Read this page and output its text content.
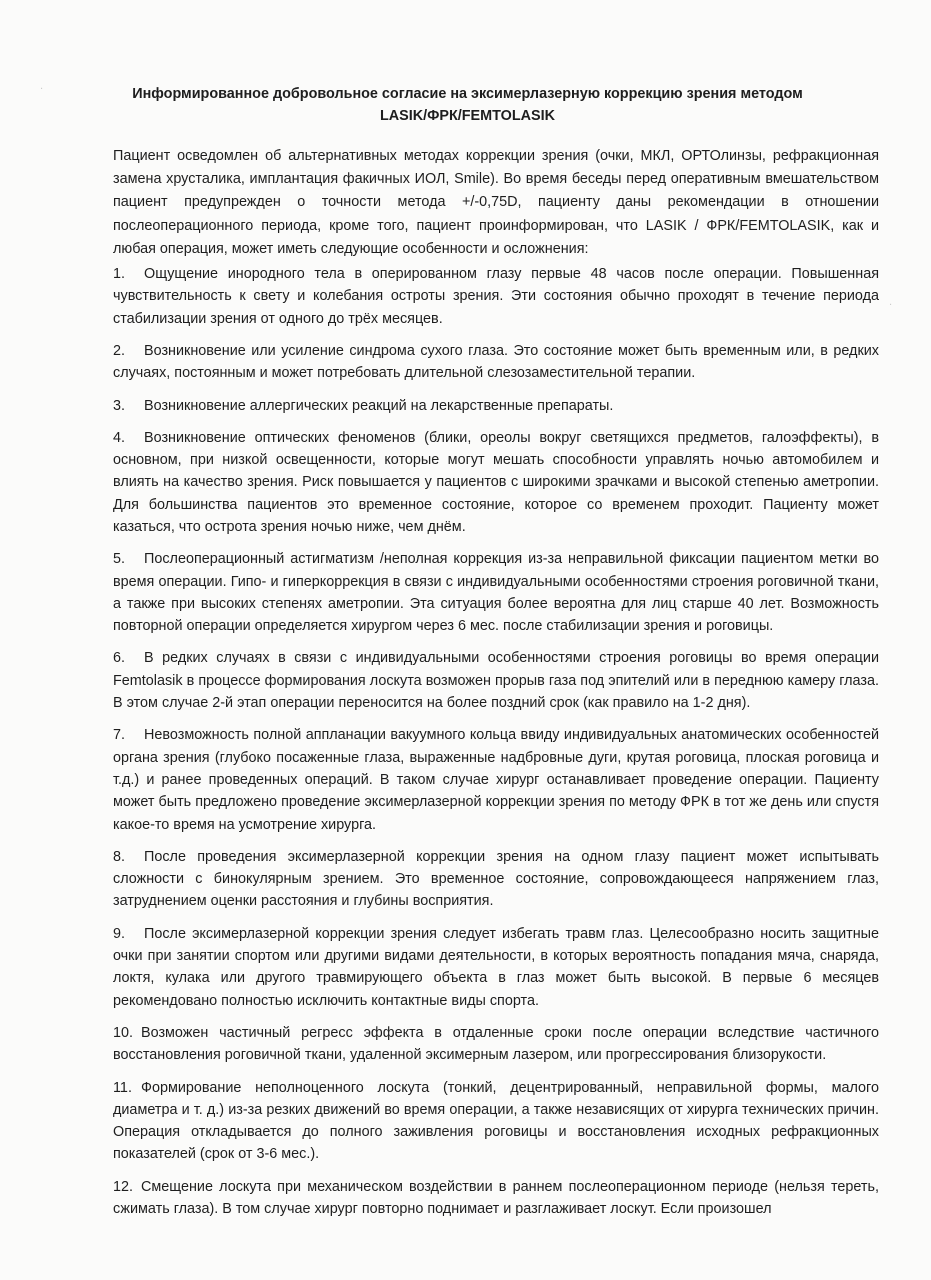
Информированное добровольное согласие на эксимерлазерную коррекцию зрения методом
LASIK/ФРК/FEMTOLASIK

Пациент осведомлен об альтернативных методах коррекции зрения (очки, МКЛ, ОРТОлинзы, рефракционная замена хрусталика, имплантация факичных ИОЛ, Smile). Во время беседы перед оперативным вмешательством пациент предупрежден о точности метода +/-0,75D, пациенту даны рекомендации в отношении послеоперационного периода, кроме того, пациент проинформирован, что LASIK / ФРК/FEMTOLASIK, как и любая операция, может иметь следующие особенности и осложнения:

1. Ощущение инородного тела в оперированном глазу первые 48 часов после операции. Повышенная чувствительность к свету и колебания остроты зрения. Эти состояния обычно проходят в течение периода стабилизации зрения от одного до трёх месяцев.

2. Возникновение или усиление синдрома сухого глаза. Это состояние может быть временным или, в редких случаях, постоянным и может потребовать длительной слезозаместительной терапии.

3. Возникновение аллергических реакций на лекарственные препараты.

4. Возникновение оптических феноменов (блики, ореолы вокруг светящихся предметов, галоэффекты), в основном, при низкой освещенности, которые могут мешать способности управлять ночью автомобилем и влиять на качество зрения. Риск повышается у пациентов с широкими зрачками и высокой степенью аметропии. Для большинства пациентов это временное состояние, которое со временем проходит. Пациенту может казаться, что острота зрения ночью ниже, чем днём.

5. Послеоперационный астигматизм /неполная коррекция из-за неправильной фиксации пациентом метки во время операции. Гипо- и гиперкоррекция в связи с индивидуальными особенностями строения роговичной ткани, а также при высоких степенях аметропии. Эта ситуация более вероятна для лиц старше 40 лет. Возможность повторной операции определяется хирургом через 6 мес. после стабилизации зрения и роговицы.

6. В редких случаях в связи с индивидуальными особенностями строения роговицы во время операции Femtolasik в процессе формирования лоскута возможен прорыв газа под эпителий или в переднюю камеру глаза. В этом случае 2-й этап операции переносится на более поздний срок (как правило на 1-2 дня).

7. Невозможность полной аппланации вакуумного кольца ввиду индивидуальных анатомических особенностей органа зрения (глубоко посаженные глаза, выраженные надбровные дуги, крутая роговица, плоская роговица и т.д.) и ранее проведенных операций. В таком случае хирург останавливает проведение операции. Пациенту может быть предложено проведение эксимерлазерной коррекции зрения по методу ФРК в тот же день или спустя какое-то время на усмотрение хирурга.

8. После проведения эксимерлазерной коррекции зрения на одном глазу пациент может испытывать сложности с бинокулярным зрением. Это временное состояние, сопровождающееся напряжением глаз, затруднением оценки расстояния и глубины восприятия.

9. После эксимерлазерной коррекции зрения следует избегать травм глаз. Целесообразно носить защитные очки при занятии спортом или другими видами деятельности, в которых вероятность попадания мяча, снаряда, локтя, кулака или другого травмирующего объекта в глаз может быть высокой. В первые 6 месяцев рекомендовано полностью исключить контактные виды спорта.

10. Возможен частичный регресс эффекта в отдаленные сроки после операции вследствие частичного восстановления роговичной ткани, удаленной эксимерным лазером, или прогрессирования близорукости.

11. Формирование неполноценного лоскута (тонкий, децентрированный, неправильной формы, малого диаметра и т. д.) из-за резких движений во время операции, а также независящих от хирурга технических причин. Операция откладывается до полного заживления роговицы и восстановления исходных рефракционных показателей (срок от 3-6 мес.).

12. Смещение лоскута при механическом воздействии в раннем послеоперационном периоде (нельзя тереть, сжимать глаза). В том случае хирург повторно поднимает и разглаживает лоскут. Если произошел

·
·
